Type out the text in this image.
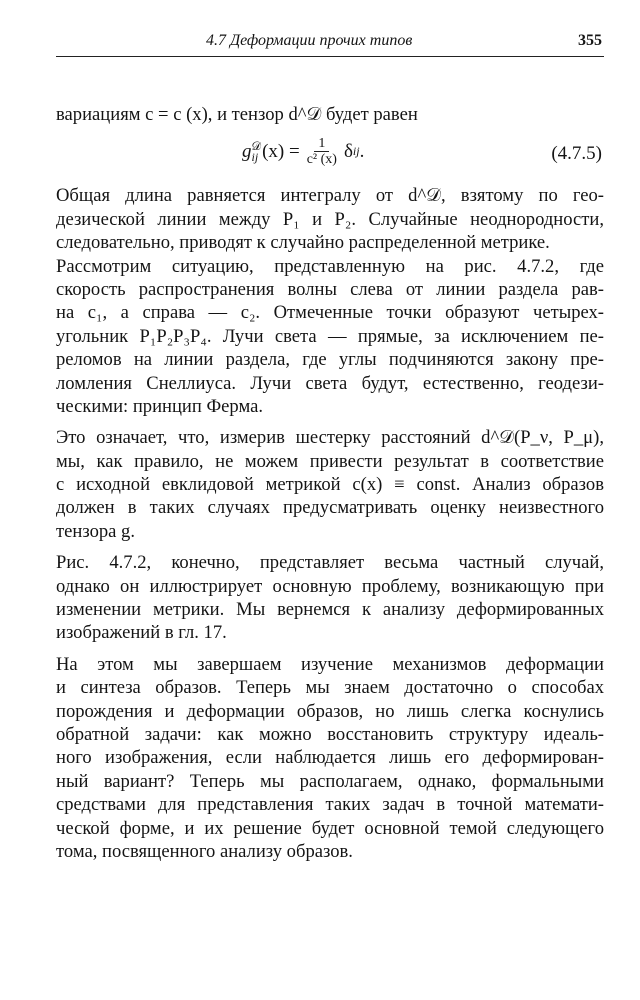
4.7 Деформации прочих типов	355
вариациям c = c (x), и тензор d^𝒟 будет равен
g 𝒟
ij $(x) = \frac{1}{\text{c² (x)}}$ δ ij .	(4.7.5)
Общая длина равняется интегралу от d^𝒟, взятому по гео-
дезической линии между P₁ и P₂. Случайные неоднородности,
следовательно, приводят к случайно распределенной метрике.
Рассмотрим ситуацию, представленную на рис. 4.7.2, где
скорость распространения волны слева от линии раздела рав-
на c₁, а справа — c₂. Отмеченные точки образуют четырех-
угольник P₁P₂P₃P₄. Лучи света — прямые, за исключением пе-
реломов на линии раздела, где углы подчиняются закону пре-
ломления Снеллиуса. Лучи света будут, естественно, геодези-
ческими: принцип Ферма.
Это означает, что, измерив шестерку расстояний d^𝒟(P_ν, P_μ),
мы, как правило, не можем привести результат в соответствие
с исходной евклидовой метрикой c(x) ≡ const. Анализ образов
должен в таких случаях предусматривать оценку неизвестного
тензора g.
Рис. 4.7.2, конечно, представляет весьма частный случай,
однако он иллюстрирует основную проблему, возникающую при
изменении метрики. Мы вернемся к анализу деформированных
изображений в гл. 17.
На этом мы завершаем изучение механизмов деформации
и синтеза образов. Теперь мы знаем достаточно о способах
порождения и деформации образов, но лишь слегка коснулись
обратной задачи: как можно восстановить структуру идеаль-
ного изображения, если наблюдается лишь его деформирован-
ный вариант? Теперь мы располагаем, однако, формальными
средствами для представления таких задач в точной математи-
ческой форме, и их решение будет основной темой следующего
тома, посвященного анализу образов.
